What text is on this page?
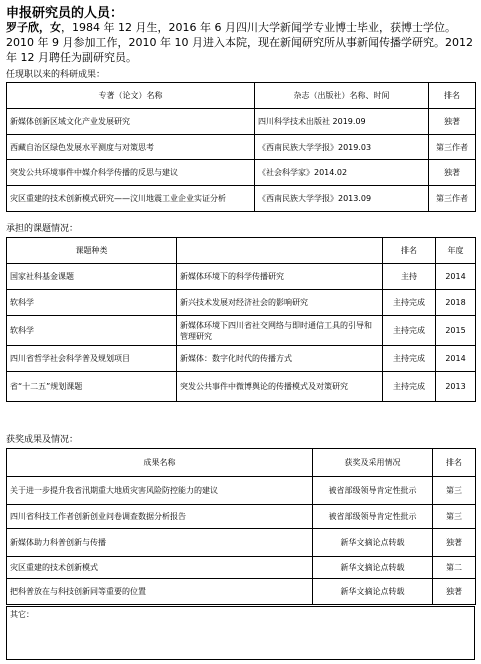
申报研究员的人员：
罗子欣，女，1984 年 12 月生，2016 年 6 月四川大学新闻学专业博士毕业，获博士学位。2010 年 9 月参加工作，2010 年 10 月进入本院，现在新闻研究所从事新闻传播学研究。2012 年 12 月聘任为副研究员。
任现职以来的科研成果：
专著（论文）名称	杂志（出版社）名称、时间	排名
新媒体创新区域文化产业发展研究	四川科学技术出版社 2019.09	独著
西藏自治区绿色发展水平测度与对策思考	《西南民族大学学报》2019.03	第三作者
突发公共环境事件中媒介科学传播的反思与建议	《社会科学家》2014.02	独著
灾区重建的技术创新模式研究——汶川地震工业企业实证分析	《西南民族大学学报》2013.09	第三作者
承担的课题情况：
课题种类		排名	年度
国家社科基金课题	新媒体环境下的科学传播研究	主持	2014
软科学	新兴技术发展对经济社会的影响研究	主持完成	2018
软科学	新媒体环境下四川省社交网络与即时通信工具的引导和管理研究	主持完成	2015
四川省哲学社会科学普及规划项目	新媒体：数字化时代的传播方式	主持完成	2014
省“十二五”规划课题	突发公共事件中微博舆论的传播模式及对策研究	主持完成	2013
获奖成果及情况：
成果名称	获奖及采用情况	排名
关于进一步提升我省汛期重大地质灾害风险防控能力的建议	被省部级领导肯定性批示	第三
四川省科技工作者创新创业问卷调查数据分析报告	被省部级领导肯定性批示	第三
新媒体助力科普创新与传播	新华文摘论点转载	独著
灾区重建的技术创新模式	新华文摘论点转载	第二
把科普放在与科技创新同等重要的位置	新华文摘论点转载	独著
其它：
